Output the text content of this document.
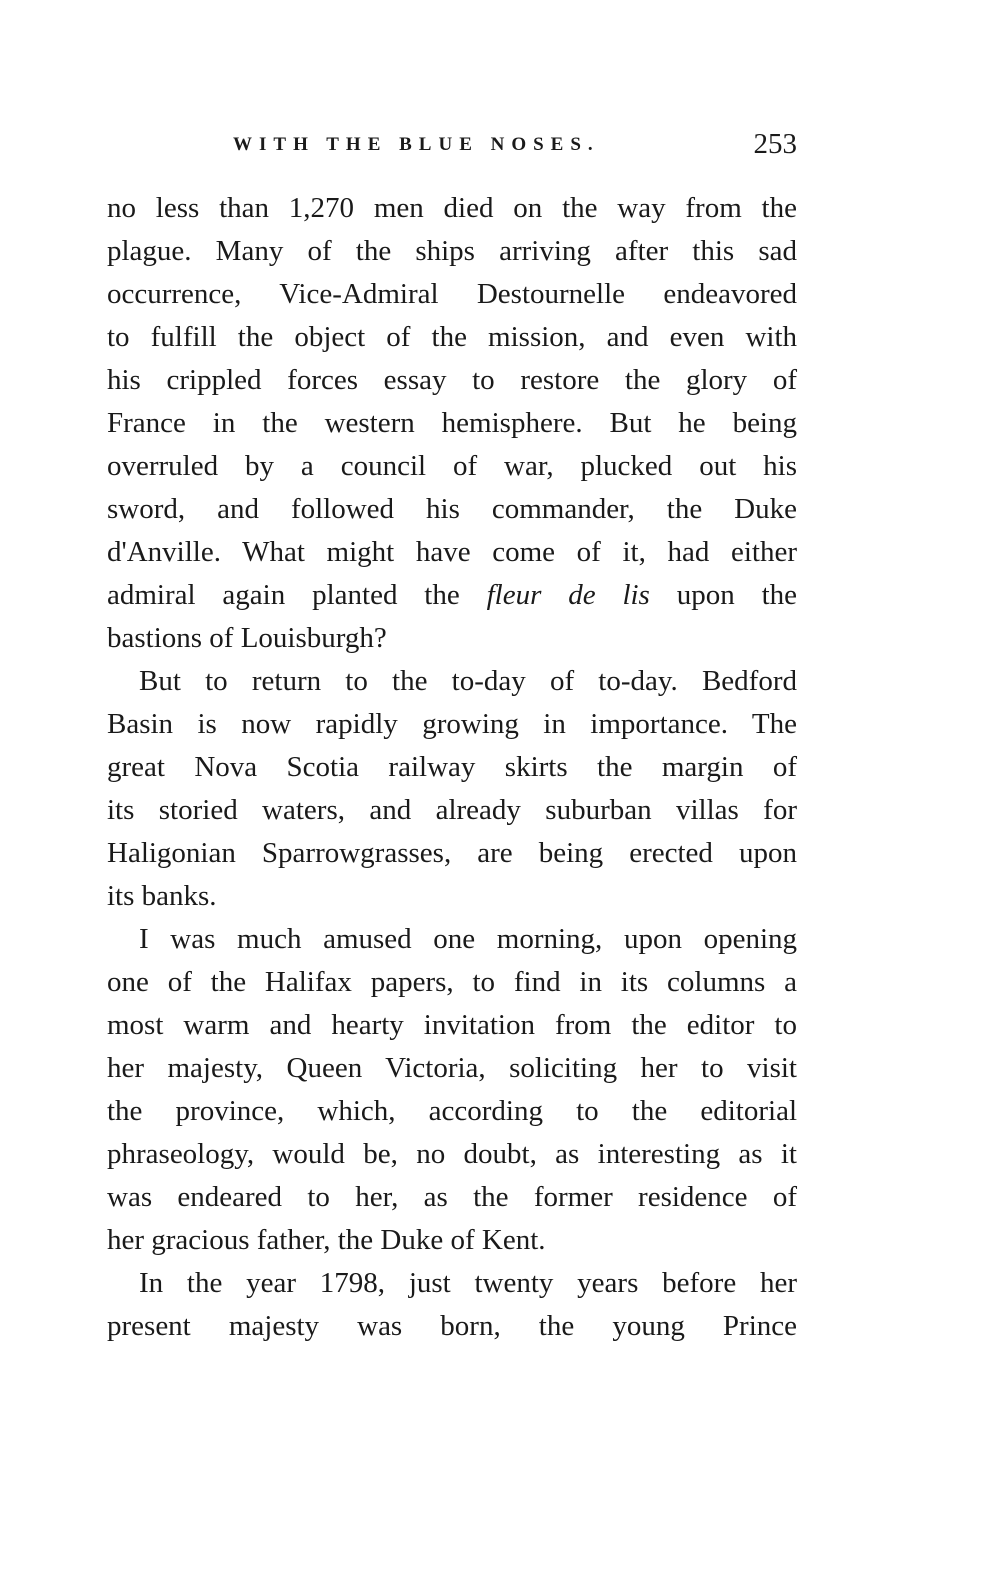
WITH THE BLUE NOSES.	253
no less than 1,270 men died on the way from the
plague. Many of the ships arriving after this sad
occurrence, Vice-Admiral Destournelle endeavored
to fulfill the object of the mission, and even with
his crippled forces essay to restore the glory of
France in the western hemisphere. But he being
overruled by a council of war, plucked out his
sword, and followed his commander, the Duke
d'Anville. What might have come of it, had either
admiral again planted the fleur de lis upon the
bastions of Louisburgh?
But to return to the to-day of to-day. Bedford
Basin is now rapidly growing in importance. The
great Nova Scotia railway skirts the margin of
its storied waters, and already suburban villas for
Haligonian Sparrowgrasses, are being erected upon
its banks.
I was much amused one morning, upon opening
one of the Halifax papers, to find in its columns a
most warm and hearty invitation from the editor to
her majesty, Queen Victoria, soliciting her to visit
the province, which, according to the editorial
phraseology, would be, no doubt, as interesting as it
was endeared to her, as the former residence of
her gracious father, the Duke of Kent.
In the year 1798, just twenty years before her
present majesty was born, the young Prince
